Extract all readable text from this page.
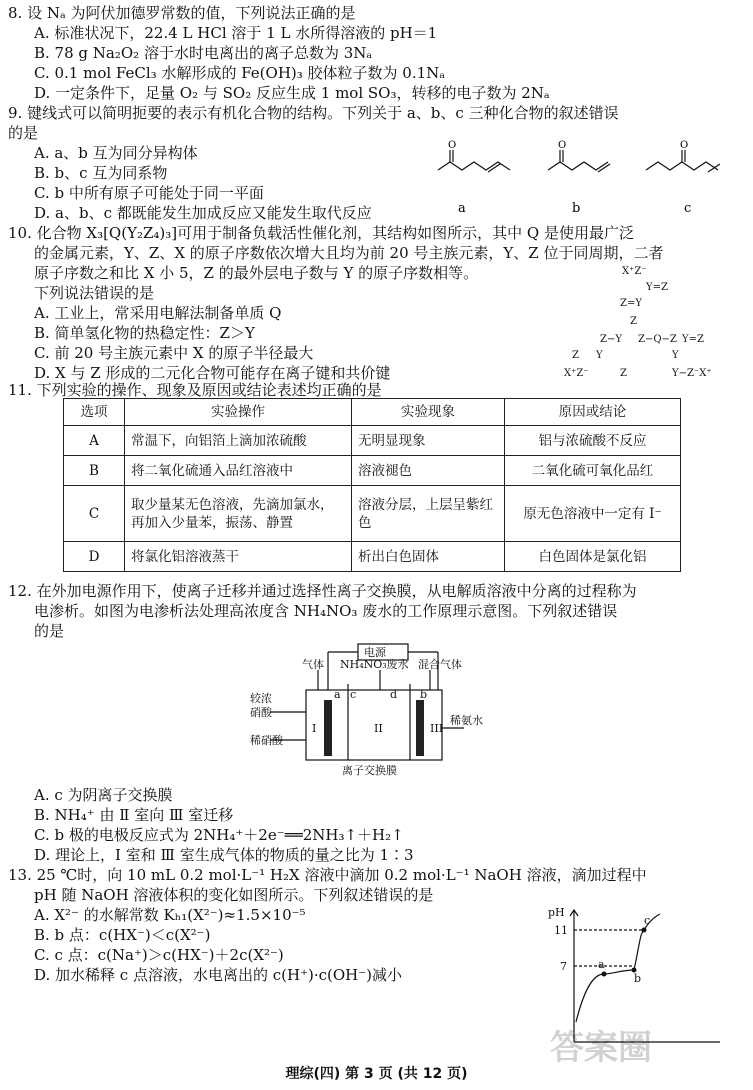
8. 设 Nₐ 为阿伏加德罗常数的值，下列说法正确的是
A. 标准状况下，22.4 L HCl 溶于 1 L 水所得溶液的 pH＝1
B. 78 g Na₂O₂ 溶于水时电离出的离子总数为 3Nₐ
C. 0.1 mol FeCl₃ 水解形成的 Fe(OH)₃ 胶体粒子数为 0.1Nₐ
D. 一定条件下，足量 O₂ 与 SO₂ 反应生成 1 mol SO₃，转移的电子数为 2Nₐ
9. 键线式可以简明扼要的表示有机化合物的结构。下列关于 a、b、c 三种化合物的叙述错误
的是
A. a、b 互为同分异构体
B. b、c 互为同系物
C. b 中所有原子可能处于同一平面
D. a、b、c 都既能发生加成反应又能发生取代反应
O	O	O
a	b	c
10. 化合物 X₃[Q(Y₂Z₄)₃]可用于制备负载活性催化剂，其结构如图所示，其中 Q 是使用最广泛
的金属元素，Y、Z、X 的原子序数依次增大且均为前 20 号主族元素，Y、Z 位于同周期，二者
原子序数之和比 X 小 5，Z 的最外层电子数与 Y 的原子序数相等。
下列说法错误的是
A. 工业上，常采用电解法制备单质 Q
B. 简单氢化物的热稳定性：Z＞Y
C. 前 20 号主族元素中 X 的原子半径最大
D. X 与 Z 形成的二元化合物可能存在离子键和共价键
X⁺Z⁻
Y=Z
Z=Y
Z
Z−Y Z−Q−Z Y=Z
Z Y	Y
X⁺Z⁻	Z	Y−Z⁻X⁺
11. 下列实验的操作、现象及原因或结论表述均正确的是
选项	实验操作	实验现象	原因或结论
A	常温下，向铝箔上滴加浓硫酸	无明显现象	铝与浓硫酸不反应
B	将二氧化硫通入品红溶液中	溶液褪色	二氧化硫可氧化品红
C	取少量某无色溶液，先滴加氯水，再加入少量苯，振荡、静置	溶液分层，上层呈紫红色	原无色溶液中一定有 I⁻
D	将氯化铝溶液蒸干	析出白色固体	白色固体是氯化铝
12. 在外加电源作用下，使离子迁移并通过选择性离子交换膜，从电解质溶液中分离的过程称为
电渗析。如图为电渗析法处理高浓度含 NH₄NO₃ 废水的工作原理示意图。下列叙述错误
的是
电源
气体 NH₄NO₃废水 混合气体
较浓
硝酸
稀硝酸
稀氨水
离子交换膜
I	II	III
a	b
c	d
A. c 为阴离子交换膜
B. NH₄⁺ 由 Ⅱ 室向 Ⅲ 室迁移
C. b 极的电极反应式为 2NH₄⁺＋2e⁻══2NH₃↑＋H₂↑
D. 理论上，Ⅰ 室和 Ⅲ 室生成气体的物质的量之比为 1∶3
13. 25 ℃时，向 10 mL 0.2 mol·L⁻¹ H₂X 溶液中滴加 0.2 mol·L⁻¹ NaOH 溶液，滴加过程中
pH 随 NaOH 溶液体积的变化如图所示。下列叙述错误的是
A. X²⁻ 的水解常数 Kₕ₁(X²⁻)≈1.5×10⁻⁵
B. b 点：c(HX⁻)＜c(X²⁻)
C. c 点：c(Na⁺)＞c(HX⁻)＋2c(X²⁻)
D. 加水稀释 c 点溶液，水电离出的 c(H⁺)·c(OH⁻)减小
pH
11
7	a
b
c
答案圈
理综(四) 第 3 页 (共 12 页)
